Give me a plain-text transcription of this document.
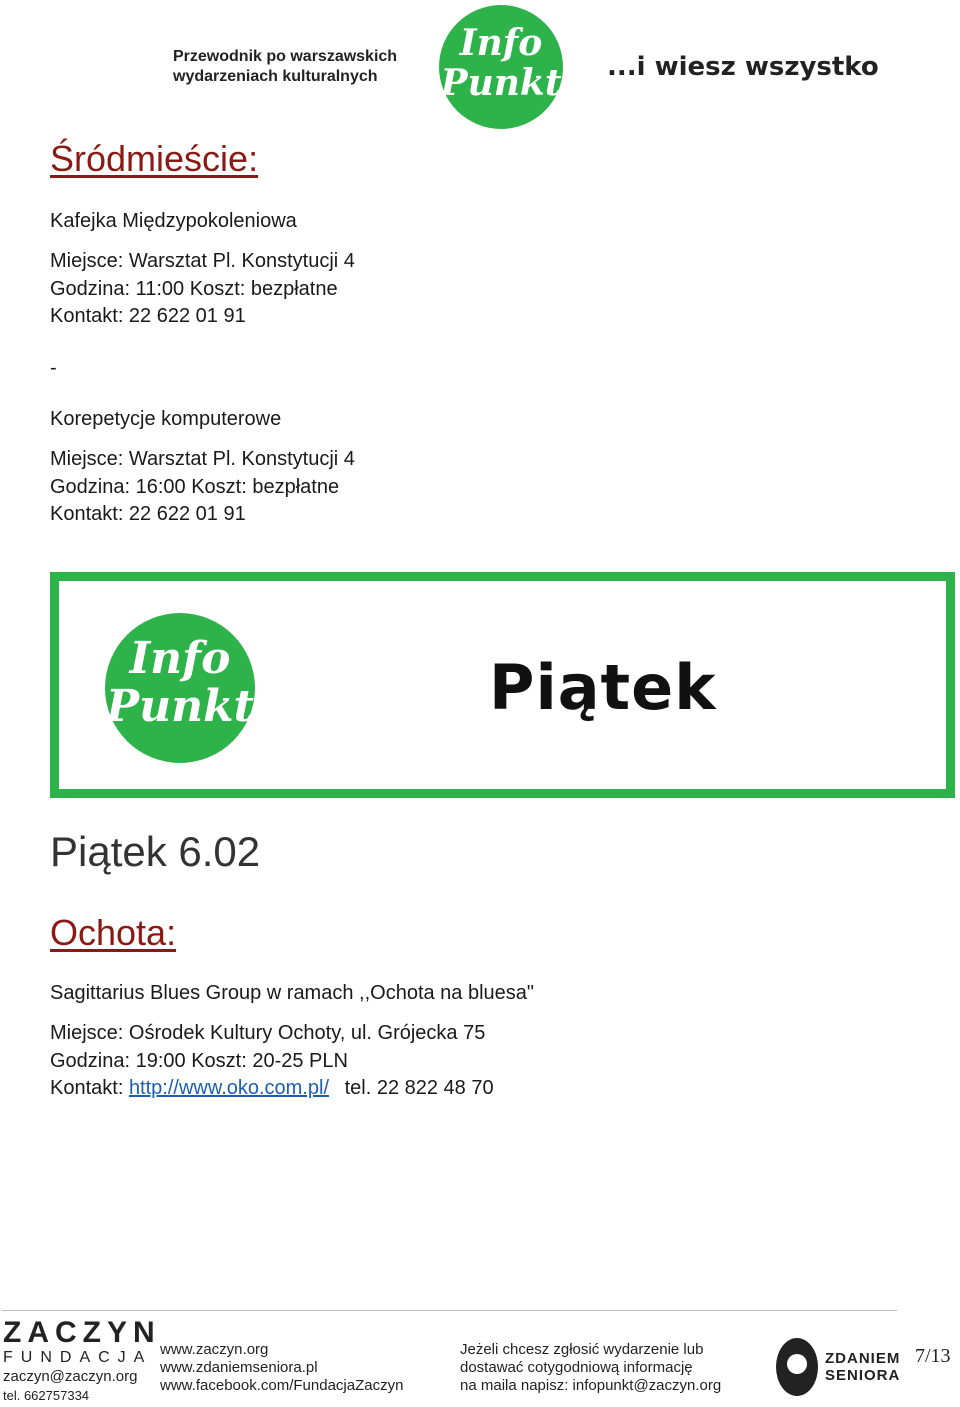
Przewodnik po warszawskich
wydarzeniach kulturalnych
Info
Punkt ...i wiesz wszystko
Śródmieście:
Kafejka Międzypokoleniowa
Miejsce: Warsztat Pl. Konstytucji 4
Godzina: 11:00 Koszt: bezpłatne
Kontakt: 22 622 01 91
-
Korepetycje komputerowe
Miejsce: Warsztat Pl. Konstytucji 4
Godzina: 16:00 Koszt: bezpłatne
Kontakt: 22 622 01 91
Info
Punkt	Piątek
Piątek 6.02
Ochota:
Sagittarius Blues Group w ramach ,,Ochota na bluesa"
Miejsce: Ośrodek Kultury Ochoty, ul. Grójecka 75
Godzina: 19:00 Koszt: 20-25 PLN
Kontakt: http://www.oko.com.pl/ tel. 22 822 48 70
ZACZYN
FUNDACJA
zaczyn@zaczyn.org
tel. 662757334
www.zaczyn.org
www.zdaniemseniora.pl
www.facebook.com/FundacjaZaczyn
Jeżeli chcesz zgłosić wydarzenie lub
dostawać cotygodniową informację
na maila napisz: infopunkt@zaczyn.org
ZDANIEM
SENIORA
7/13
